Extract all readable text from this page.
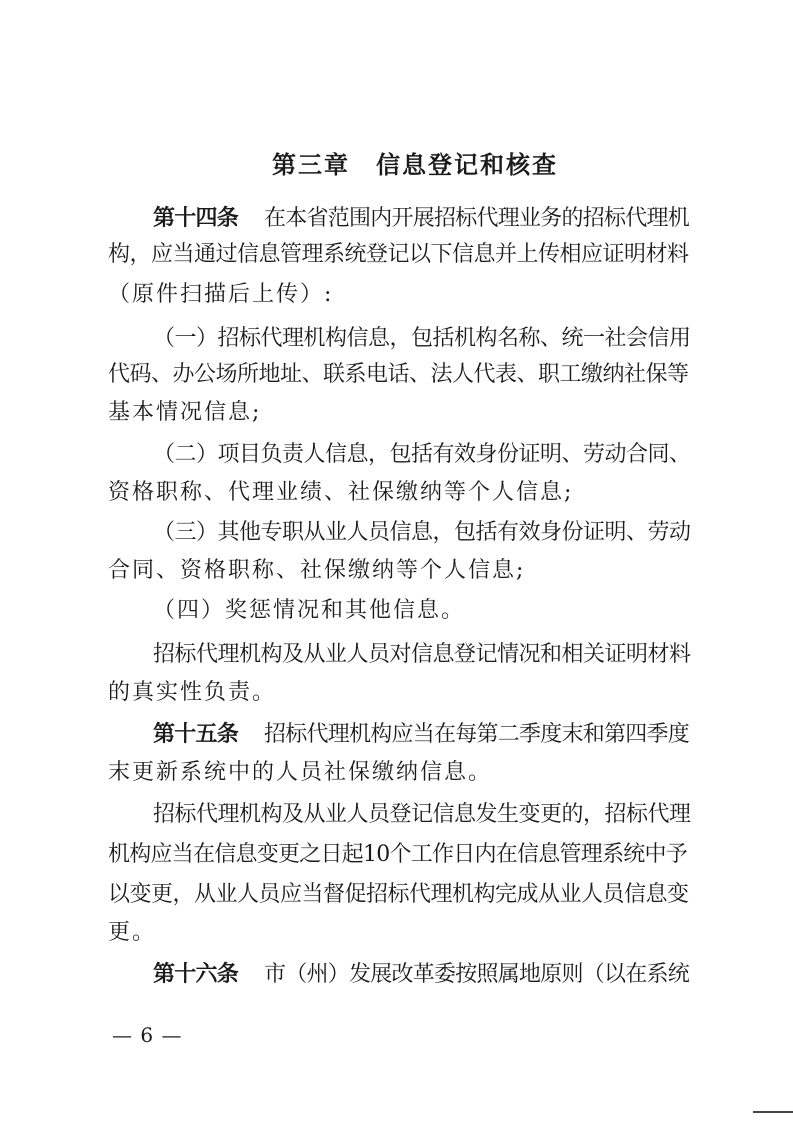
第三章　信息登记和核查
第十四条 在本省范围内开展招标代理业务的招标代理机
构，应当通过信息管理系统登记以下信息并上传相应证明材料
（原件扫描后上传）:
（一）招标代理机构信息，包括机构名称、统一社会信用
代码、办公场所地址、联系电话、法人代表、职工缴纳社保等
基本情况信息;
（二）项目负责人信息，包括有效身份证明、劳动合同、
资格职称、代理业绩、社保缴纳等个人信息;
（三）其他专职从业人员信息，包括有效身份证明、劳动
合同、资格职称、社保缴纳等个人信息;
（四）奖惩情况和其他信息。
招标代理机构及从业人员对信息登记情况和相关证明材料
的真实性负责。
第十五条 招标代理机构应当在每第二季度末和第四季度
末更新系统中的人员社保缴纳信息。
招标代理机构及从业人员登记信息发生变更的，招标代理
机构应当在信息变更之日起10个工作日内在信息管理系统中予
以变更，从业人员应当督促招标代理机构完成从业人员信息变
更。
第十六条 市（州）发展改革委按照属地原则（以在系统
— 6 —
